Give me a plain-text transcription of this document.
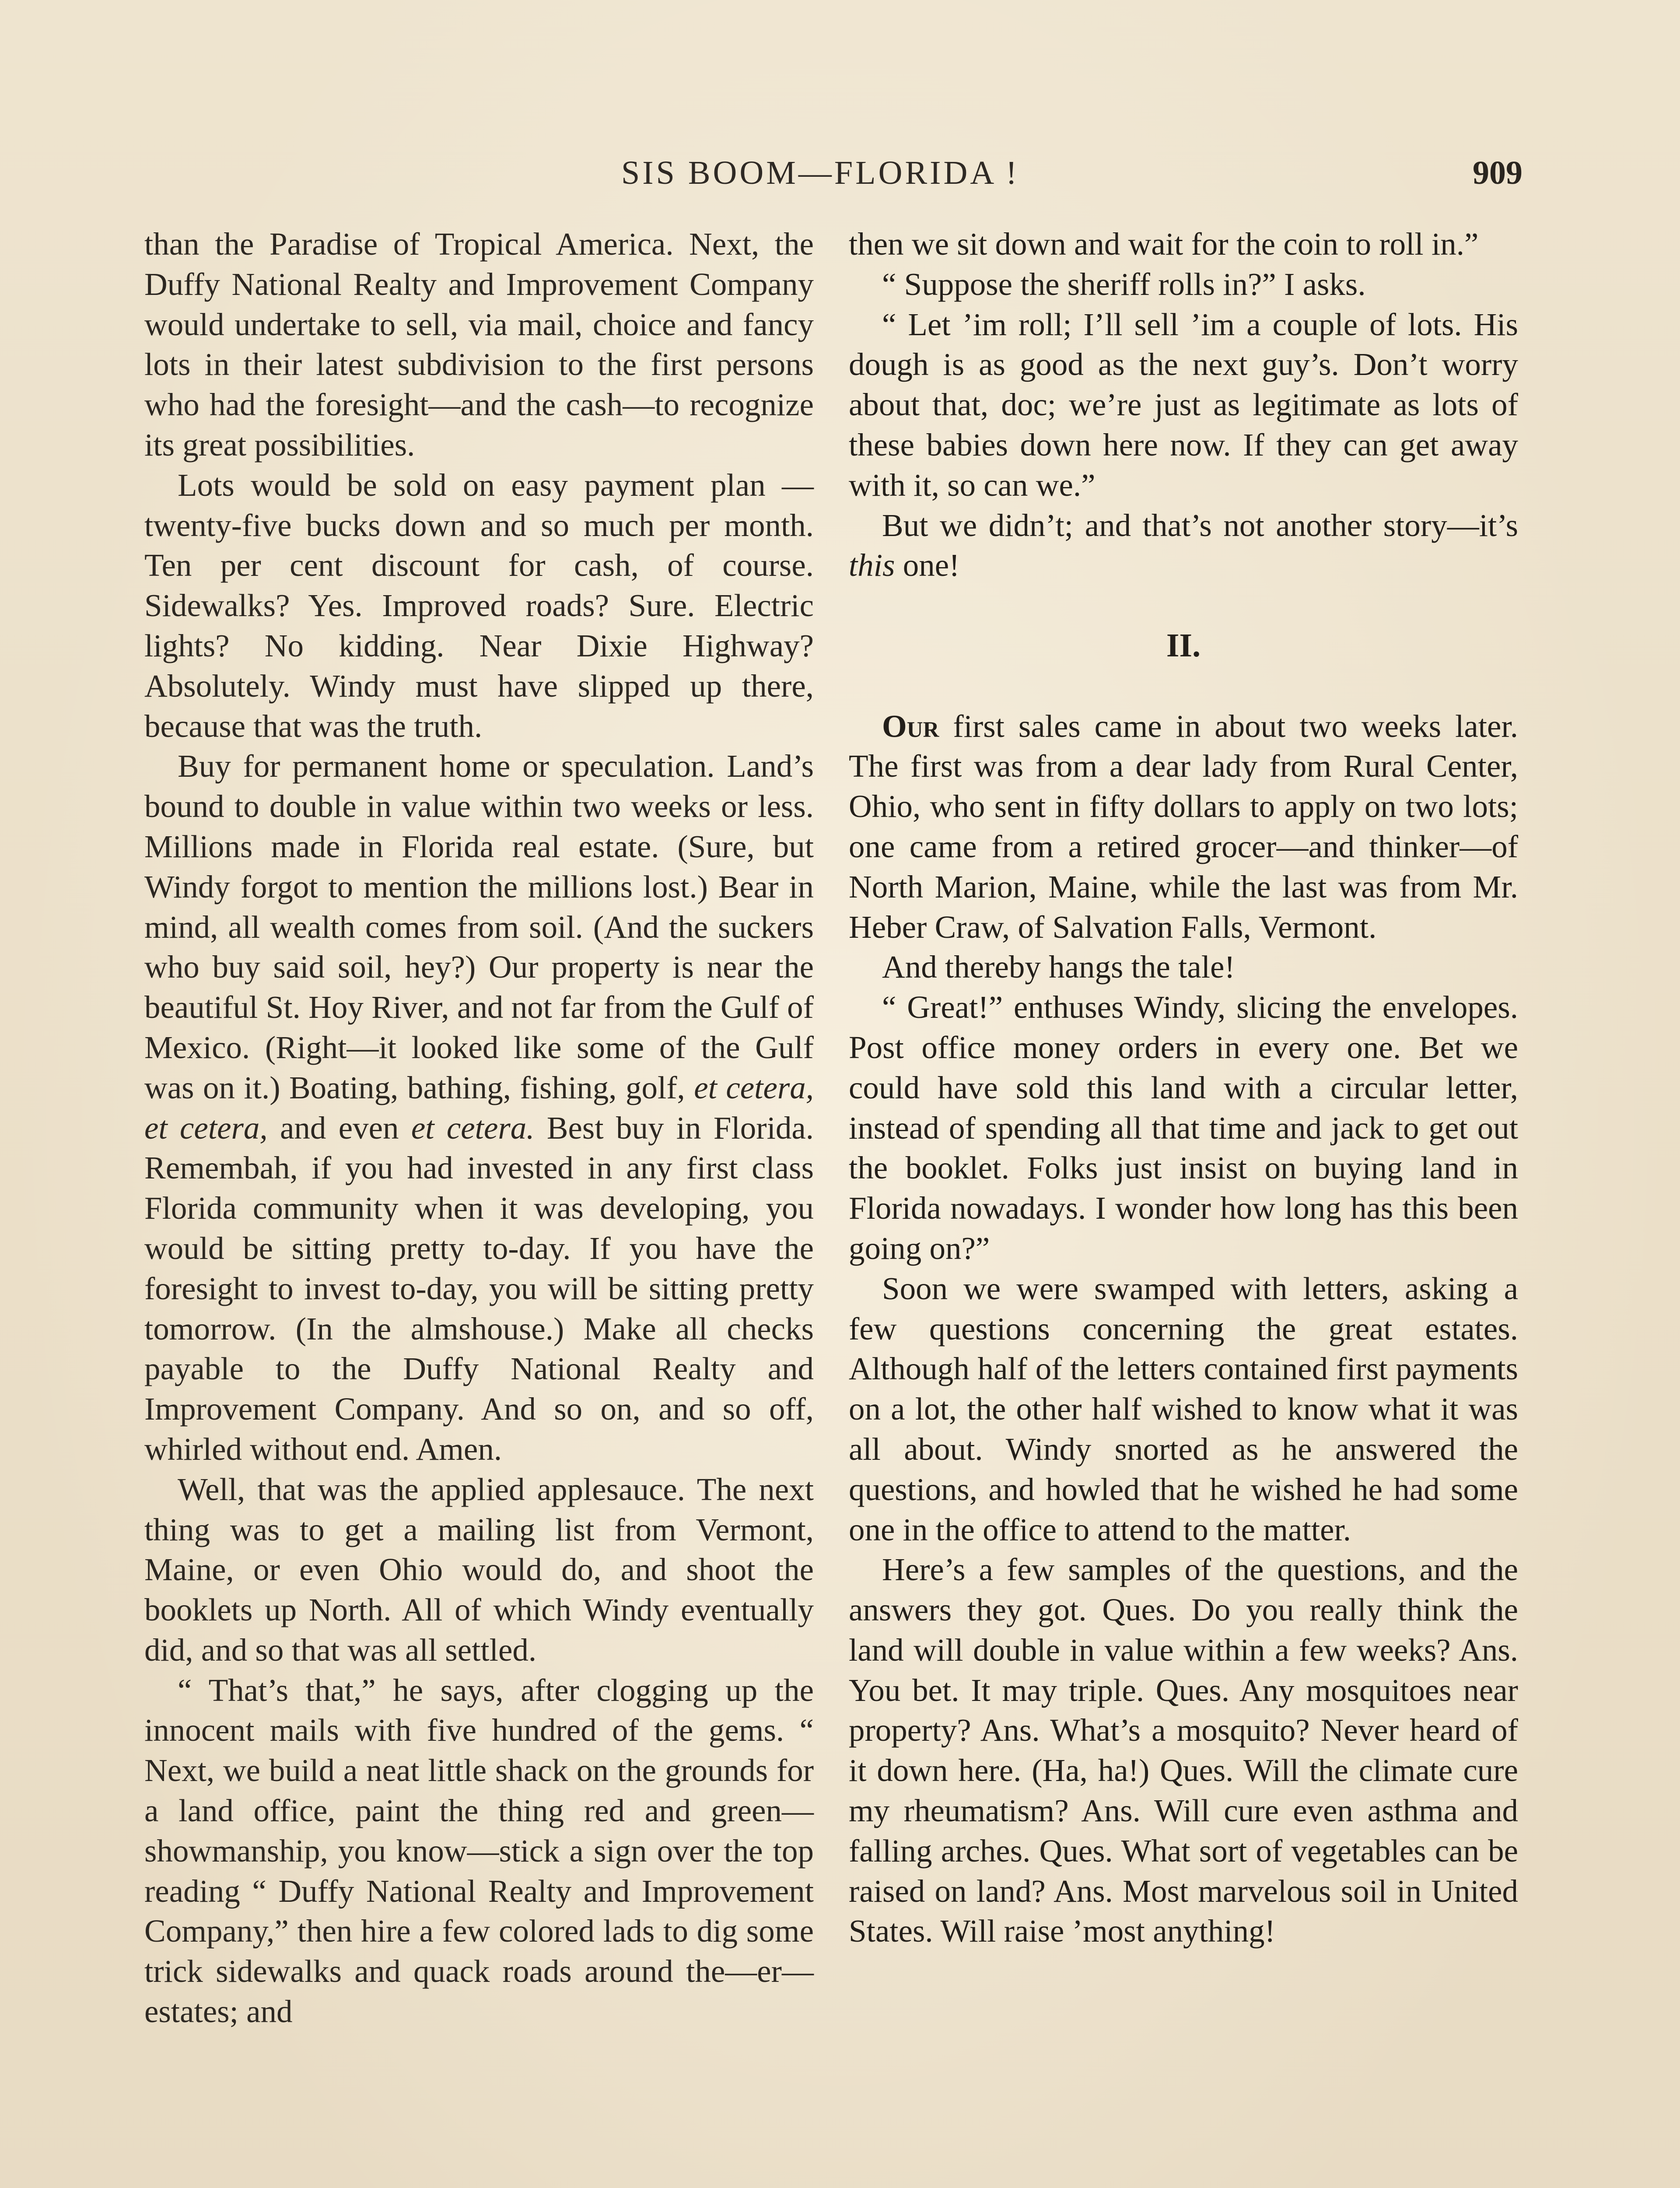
SIS BOOM—FLORIDA !	909

than the Paradise of Tropical America. Next, the Duffy National Realty and Improvement Company would undertake to sell, via mail, choice and fancy lots in their latest subdivision to the first persons who had the foresight—and the cash—to recognize its great possibilities.

Lots would be sold on easy payment plan —twenty-five bucks down and so much per month. Ten per cent discount for cash, of course. Sidewalks? Yes. Improved roads? Sure. Electric lights? No kidding. Near Dixie Highway? Absolutely. Windy must have slipped up there, because that was the truth.

Buy for permanent home or speculation. Land’s bound to double in value within two weeks or less. Millions made in Florida real estate. (Sure, but Windy forgot to mention the millions lost.) Bear in mind, all wealth comes from soil. (And the suckers who buy said soil, hey?) Our property is near the beautiful St. Hoy River, and not far from the Gulf of Mexico. (Right—it looked like some of the Gulf was on it.) Boating, bathing, fishing, golf, et cetera, et cetera, and even et cetera. Best buy in Florida. Remembah, if you had invested in any first class Florida community when it was developing, you would be sitting pretty to-day. If you have the foresight to invest to-day, you will be sitting pretty tomorrow. (In the almshouse.) Make all checks payable to the Duffy National Realty and Improvement Company. And so on, and so off, whirled without end. Amen.

Well, that was the applied applesauce. The next thing was to get a mailing list from Vermont, Maine, or even Ohio would do, and shoot the booklets up North. All of which Windy eventually did, and so that was all settled.

“ That’s that,” he says, after clogging up the innocent mails with five hundred of the gems. “ Next, we build a neat little shack on the grounds for a land office, paint the thing red and green—showmanship, you know—stick a sign over the top reading “ Duffy National Realty and Improvement Company,” then hire a few colored lads to dig some trick sidewalks and quack roads around the—er—estates; and

then we sit down and wait for the coin to roll in.”

“ Suppose the sheriff rolls in?” I asks.

“ Let ’im roll; I’ll sell ’im a couple of lots. His dough is as good as the next guy’s. Don’t worry about that, doc; we’re just as legitimate as lots of these babies down here now. If they can get away with it, so can we.”

But we didn’t; and that’s not another story—it’s this one!

II.

Our first sales came in about two weeks later. The first was from a dear lady from Rural Center, Ohio, who sent in fifty dollars to apply on two lots; one came from a retired grocer—and thinker—of North Marion, Maine, while the last was from Mr. Heber Craw, of Salvation Falls, Vermont.

And thereby hangs the tale!

“ Great!” enthuses Windy, slicing the envelopes. Post office money orders in every one. Bet we could have sold this land with a circular letter, instead of spending all that time and jack to get out the booklet. Folks just insist on buying land in Florida nowadays. I wonder how long has this been going on?”

Soon we were swamped with letters, asking a few questions concerning the great estates. Although half of the letters contained first payments on a lot, the other half wished to know what it was all about. Windy snorted as he answered the questions, and howled that he wished he had some one in the office to attend to the matter.

Here’s a few samples of the questions, and the answers they got. Ques. Do you really think the land will double in value within a few weeks? Ans. You bet. It may triple. Ques. Any mosquitoes near property? Ans. What’s a mosquito? Never heard of it down here. (Ha, ha!) Ques. Will the climate cure my rheumatism? Ans. Will cure even asthma and falling arches. Ques. What sort of vegetables can be raised on land? Ans. Most marvelous soil in United States. Will raise ’most anything!
